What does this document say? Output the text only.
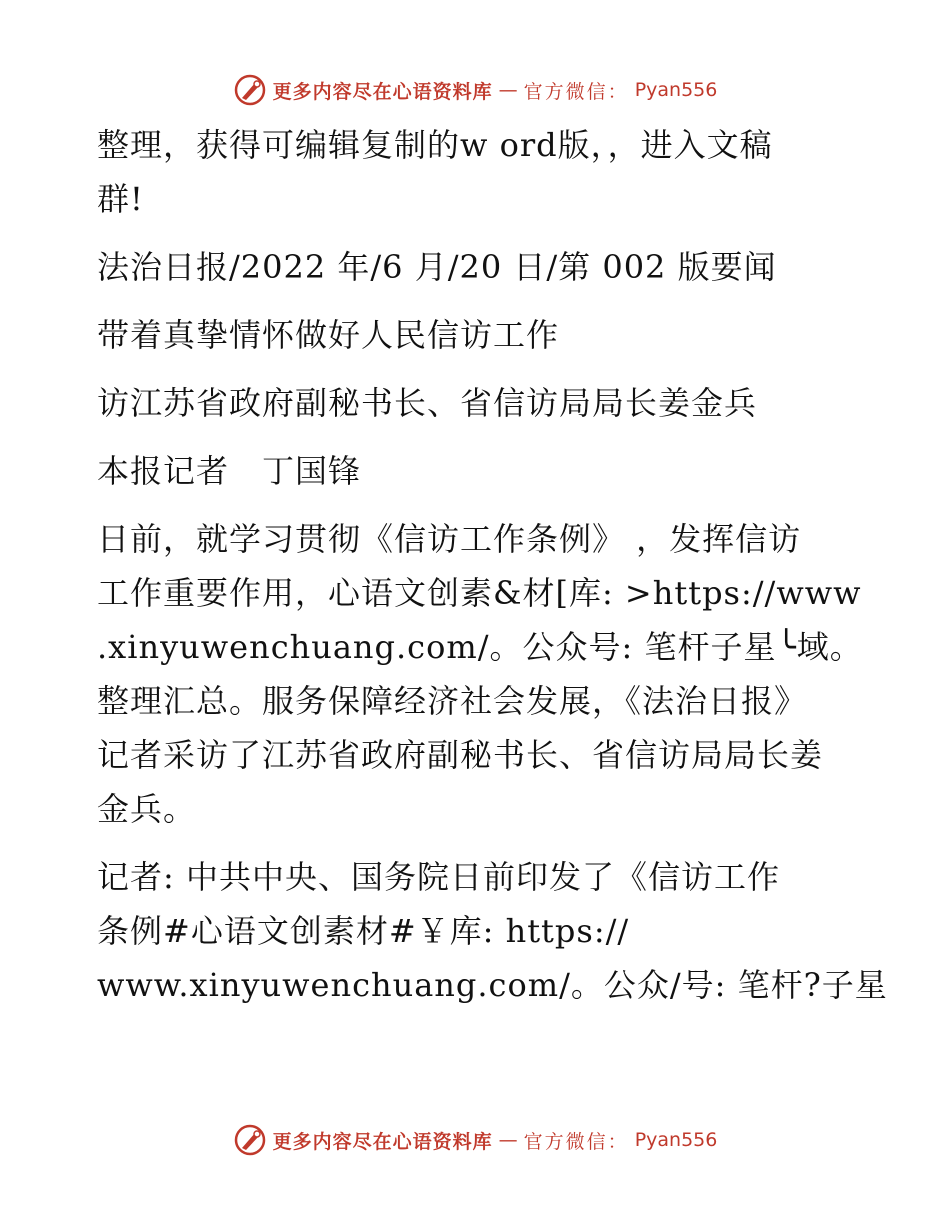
更多内容尽在心语资料库 — 官方微信： Pyan556
整理，获得可编辑复制的w ord版，，进入文稿
群!
法治日报/2022 年/6 月/20 日/第 002 版要闻
带着真挚情怀做好人民信访工作
访江苏省政府副秘书长、省信访局局长姜金兵
本报记者　丁国锋
日前，就学习贯彻《信访工作条例》 ，发挥信访
工作重要作用，心语文创素&材[库: >https://www
.xinyuwenchuang.com/。公众号: 笔杆子星╰域。
整理汇总。服务保障经济社会发展，《法治日报》
记者采访了江苏省政府副秘书长、省信访局局长姜
金兵。
记者: 中共中央、国务院日前印发了《信访工作
条例#心语文创素材#￥库: https://
www.xinyuwenchuang.com/。公众/号: 笔杆?子星
更多内容尽在心语资料库 — 官方微信： Pyan556
